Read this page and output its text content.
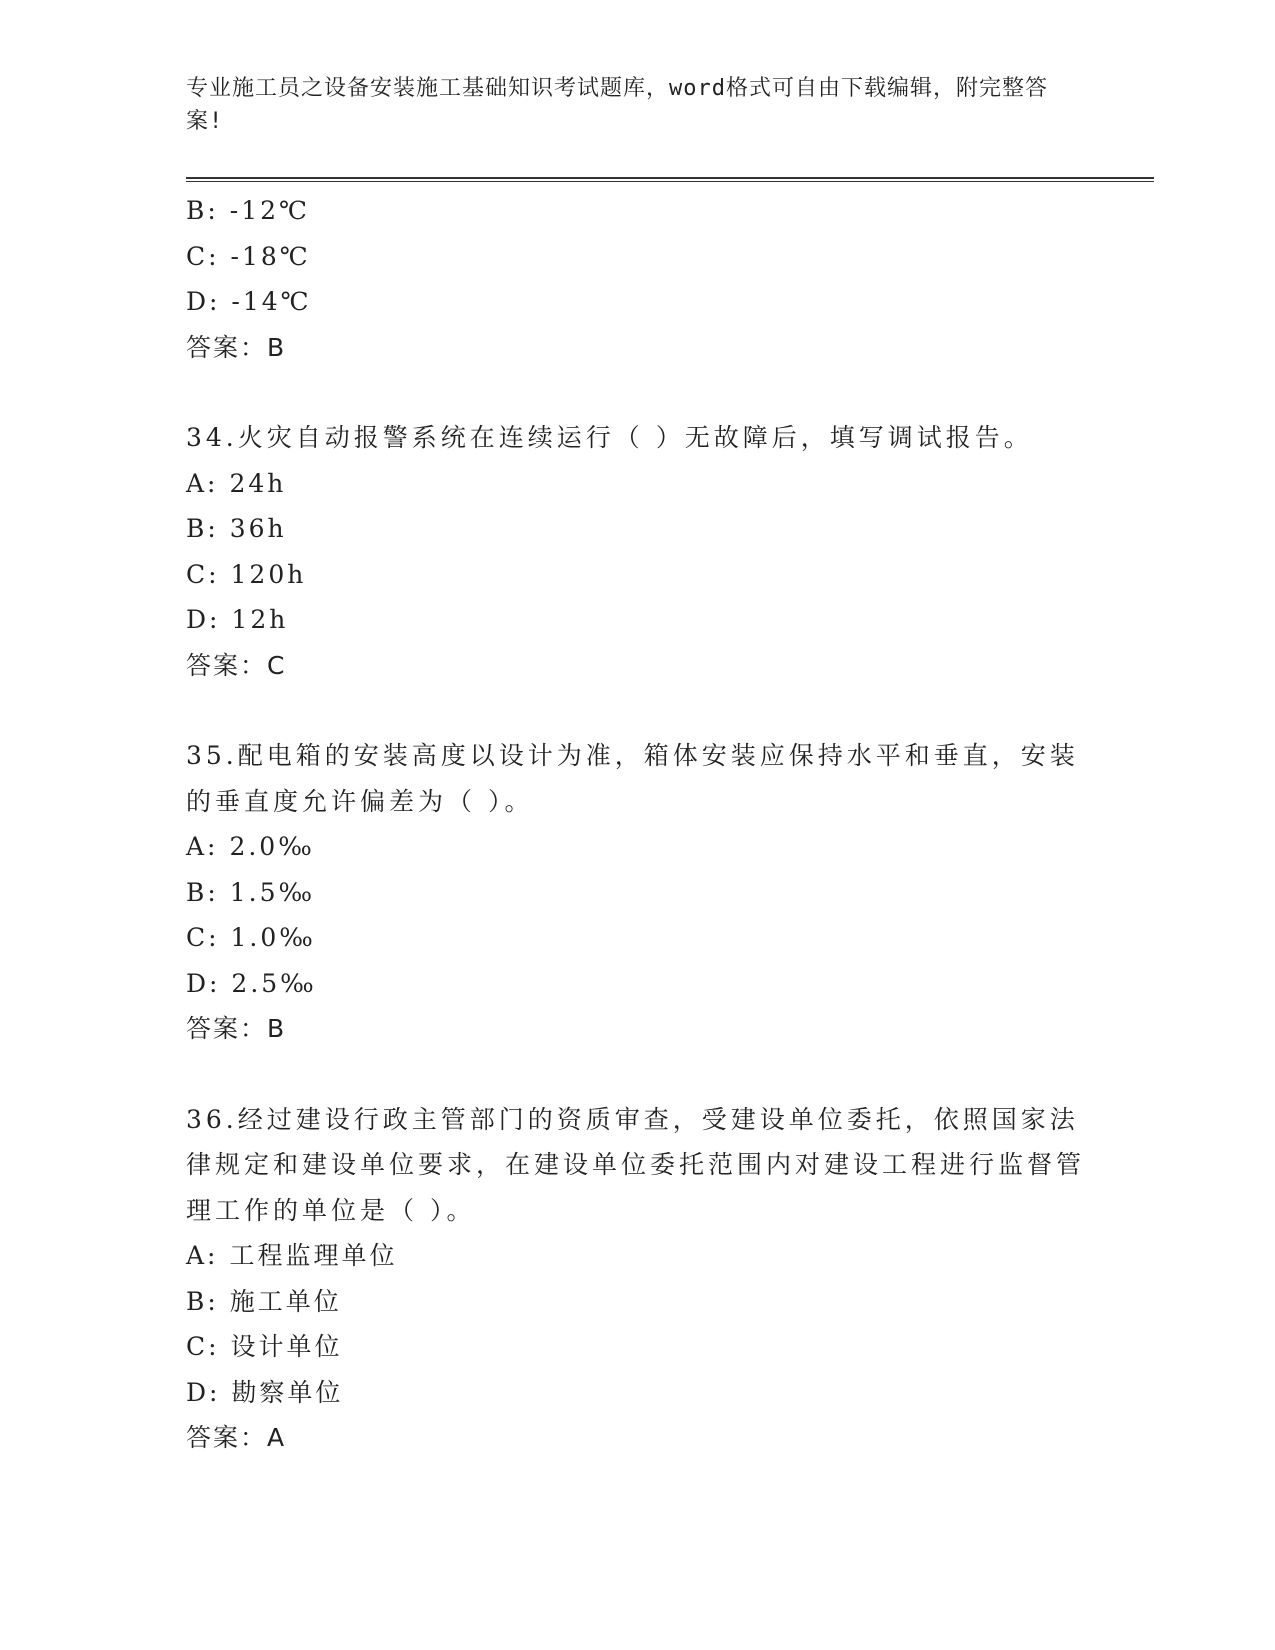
专业施工员之设备安装施工基础知识考试题库，word格式可自由下载编辑，附完整答案!
B: -12℃
C: -18℃
D: -14℃
答案：B
34.火灾自动报警系统在连续运行（ ）无故障后，填写调试报告。
A: 24h
B: 36h
C: 120h
D: 12h
答案：C
35.配电箱的安装高度以设计为准，箱体安装应保持水平和垂直，安装的垂直度允许偏差为（ ）。
A: 2.0‰
B: 1.5‰
C: 1.0‰
D: 2.5‰
答案：B
36.经过建设行政主管部门的资质审查，受建设单位委托，依照国家法律规定和建设单位要求，在建设单位委托范围内对建设工程进行监督管理工作的单位是（ ）。
A: 工程监理单位
B: 施工单位
C: 设计单位
D: 勘察单位
答案：A
